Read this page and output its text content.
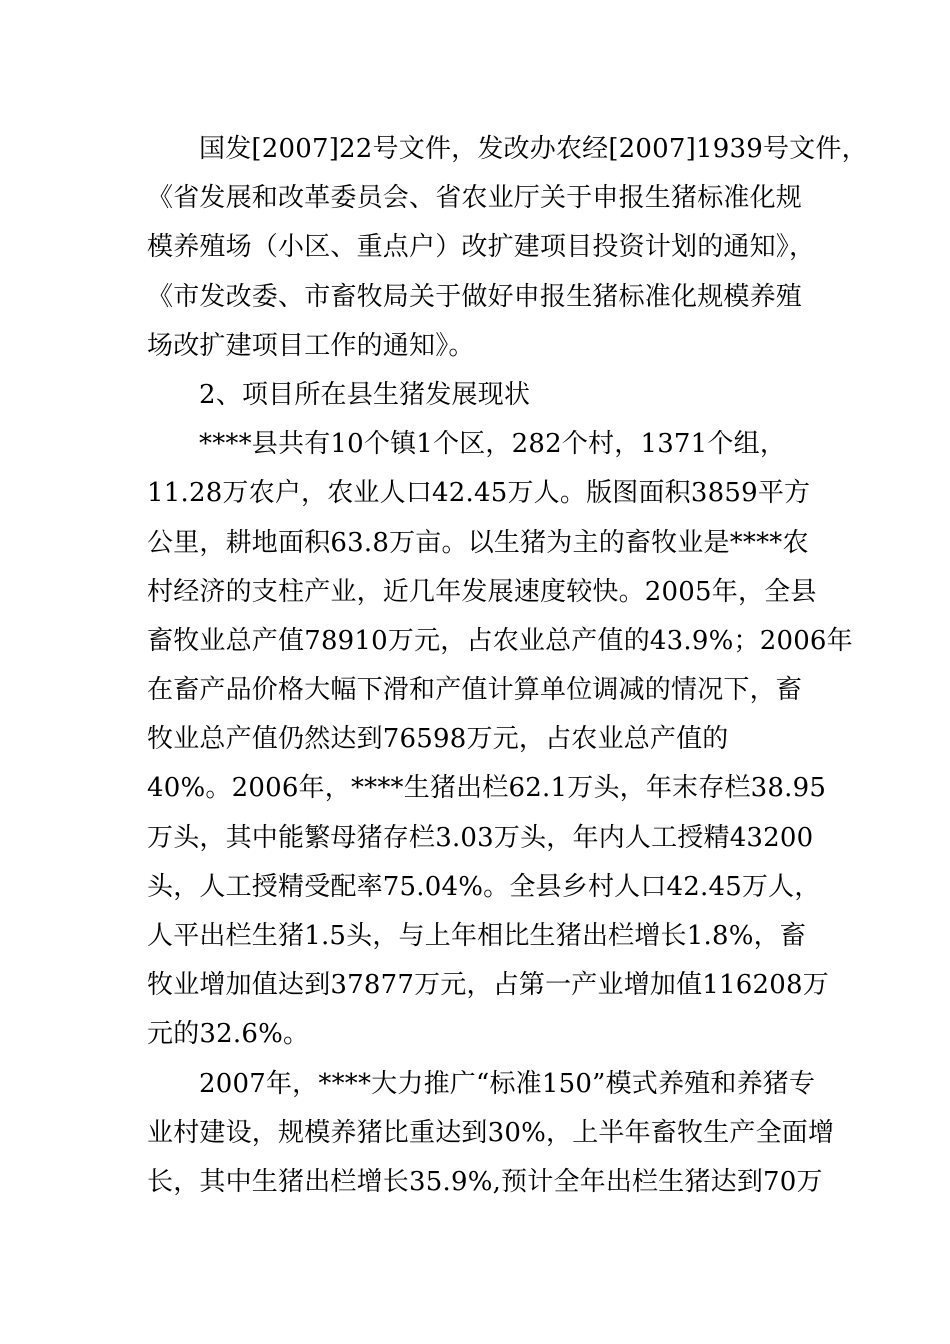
国发[2007]22号文件，发改办农经[2007]1939号文件，
《省发展和改革委员会、省农业厅关于申报生猪标准化规
模养殖场（小区、重点户）改扩建项目投资计划的通知》，
《市发改委、市畜牧局关于做好申报生猪标准化规模养殖
场改扩建项目工作的通知》。
2、项目所在县生猪发展现状
****县共有10个镇1个区，282个村，1371个组，
11.28万农户，农业人口42.45万人。版图面积3859平方
公里，耕地面积63.8万亩。以生猪为主的畜牧业是****农
村经济的支柱产业，近几年发展速度较快。2005年，全县
畜牧业总产值78910万元，占农业总产值的43.9%；2006年
在畜产品价格大幅下滑和产值计算单位调减的情况下，畜
牧业总产值仍然达到76598万元，占农业总产值的
40%。2006年，****生猪出栏62.1万头，年末存栏38.95
万头，其中能繁母猪存栏3.03万头，年内人工授精43200
头，人工授精受配率75.04%。全县乡村人口42.45万人，
人平出栏生猪1.5头，与上年相比生猪出栏增长1.8%，畜
牧业增加值达到37877万元，占第一产业增加值116208万
元的32.6%。
2007年，****大力推广“标准150”模式养殖和养猪专
业村建设，规模养猪比重达到30%，上半年畜牧生产全面增
长，其中生猪出栏增长35.9%,预计全年出栏生猪达到70万
